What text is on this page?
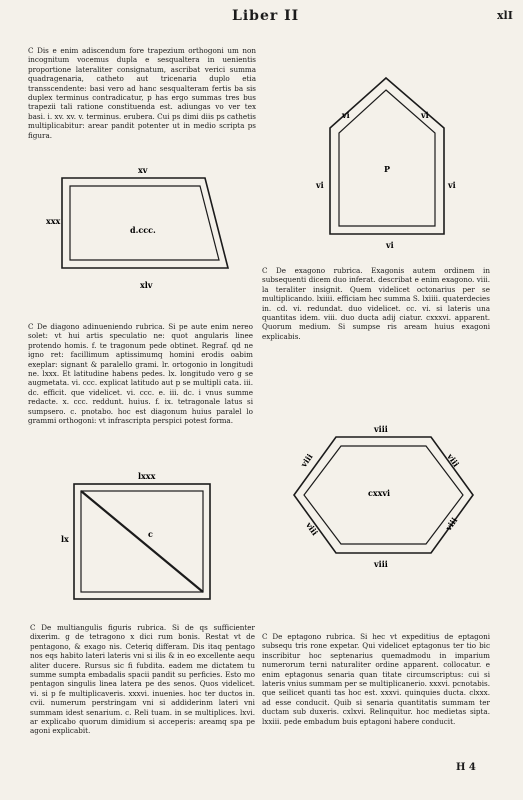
Liber II	xlI
C Dis e enim adiscendum fore trapezium orthogoni um non incognitum vocemus dupla e sesqualtera in uenientis proportione lateraliter consignatum, ascribat verici summa quadragenaria, catheto aut tricenaria duplo etia transscendente: basi vero ad hanc sesqualteram fertis ba sis duplex terminus contradicatur, p has ergo summas tres bus trapezii tali ratione constituenda est. adiungas vo ver tex basi. i. xv. xv. v. terminus. erubera. Cui ps dimi diis ps cathetis multiplicabitur: arear pandit potenter ut in medio scripta ps figura.
C De exagono rubrica. Exagonis autem ordinem in subsequenti dicem duo inferat. describat e enim exagono. viii. la teraliter insignit. Quem videlicet octonarius per se multiplicando. lxiiii. efficiam hec summa S. lxiiii. quaterdecies in. cd. vi. redundat. duo videlicet. cc. vi. si lateris una quantitas idem. viii. duo ducta adij ciatur. cxxxvi. apparent. Quorum medium. Si sumpse ris aream huius exagoni explicabis.
C De diagono adinueniendo rubrica. Si pe aute enim nereo solet: vt hui artis speculatio ne: quot angularis linee protendo homis. f. te tragonum pede obtinet. Regraf. qd ne igno ret: facillimum aptissimumq homini erodis oabim exeplar: signant & paralello grami. lr. ortogonio in longitudi ne. lxxx. Et latitudine habens pedes. lx. longitudo vero g se augmetata. vi. ccc. explicat latitudo aut p se multipli cata. iii. dc. efficit. que videlicet. vi. ccc. e. iii. dc. i vnus summe redacte. x. ccc. reddunt. huius. f. ix. tetragonale latus si sumpsero. c. pnotabo. hoc est diagonum huius paralel lo grammi orthogoni: vt infrascripta perspici potest forma.
C De multiangulis figuris rubrica. Si de qs sufficienter dixerim. g de tetragono x dici rum bonis. Restat vt de pentagono, & exago nis. Ceteriq differam. Dis itaq pentago nos eqs habito lateri lateris vni si ilis & in eo excellente aequ aliter ducere. Rursus sic fi fubdita. eadem me dictatem tu summe sumpta embadalis spacii pandit su perficies. Esto mo pentagon singulis linea latera pe des senos. Quos videlicet. vi. si p fe multiplicaveris. xxxvi. inuenies. hoc ter ductos in. cvii. numerum perstringam vni si addiderinm lateri vni summam idest senarium. c. Reli tuam. in se multiplices. lxvi. ar explicabo quorum dimidium si acceperis: areamq spa pe agoni explicabit.
C De eptagono rubrica. Si hec vt expeditius de eptagoni subsequ tris rone expetar. Qui videlicet eptagonus ter tio bic inscribitur hoc septenarius quemadmodu in imparium numerorum terni naturaliter ordine apparent. collocatur. e enim eptagonus senaria quan titate circumscriptus: cui si lateris vnius summam per se multiplicanerio. xxxvi. pcnotabis. que seilicet quanti tas hoc est. xxxvi. quinquies ducta. clxxx. ad esse conducit. Quib si senaria quantitatis summam ter ductam sub duxeris. cxlxvi. Relinquitur. hoc medietas sipta. lxxiii. pede embadum buis eptagoni habere conducit.
xv
xxx
d.ccc.
xlv
vi	vi
vi	vi
P
vi
viii
viii	viii
viii	viii
cxxvi
viii
lxxx
lx	c
H 4
